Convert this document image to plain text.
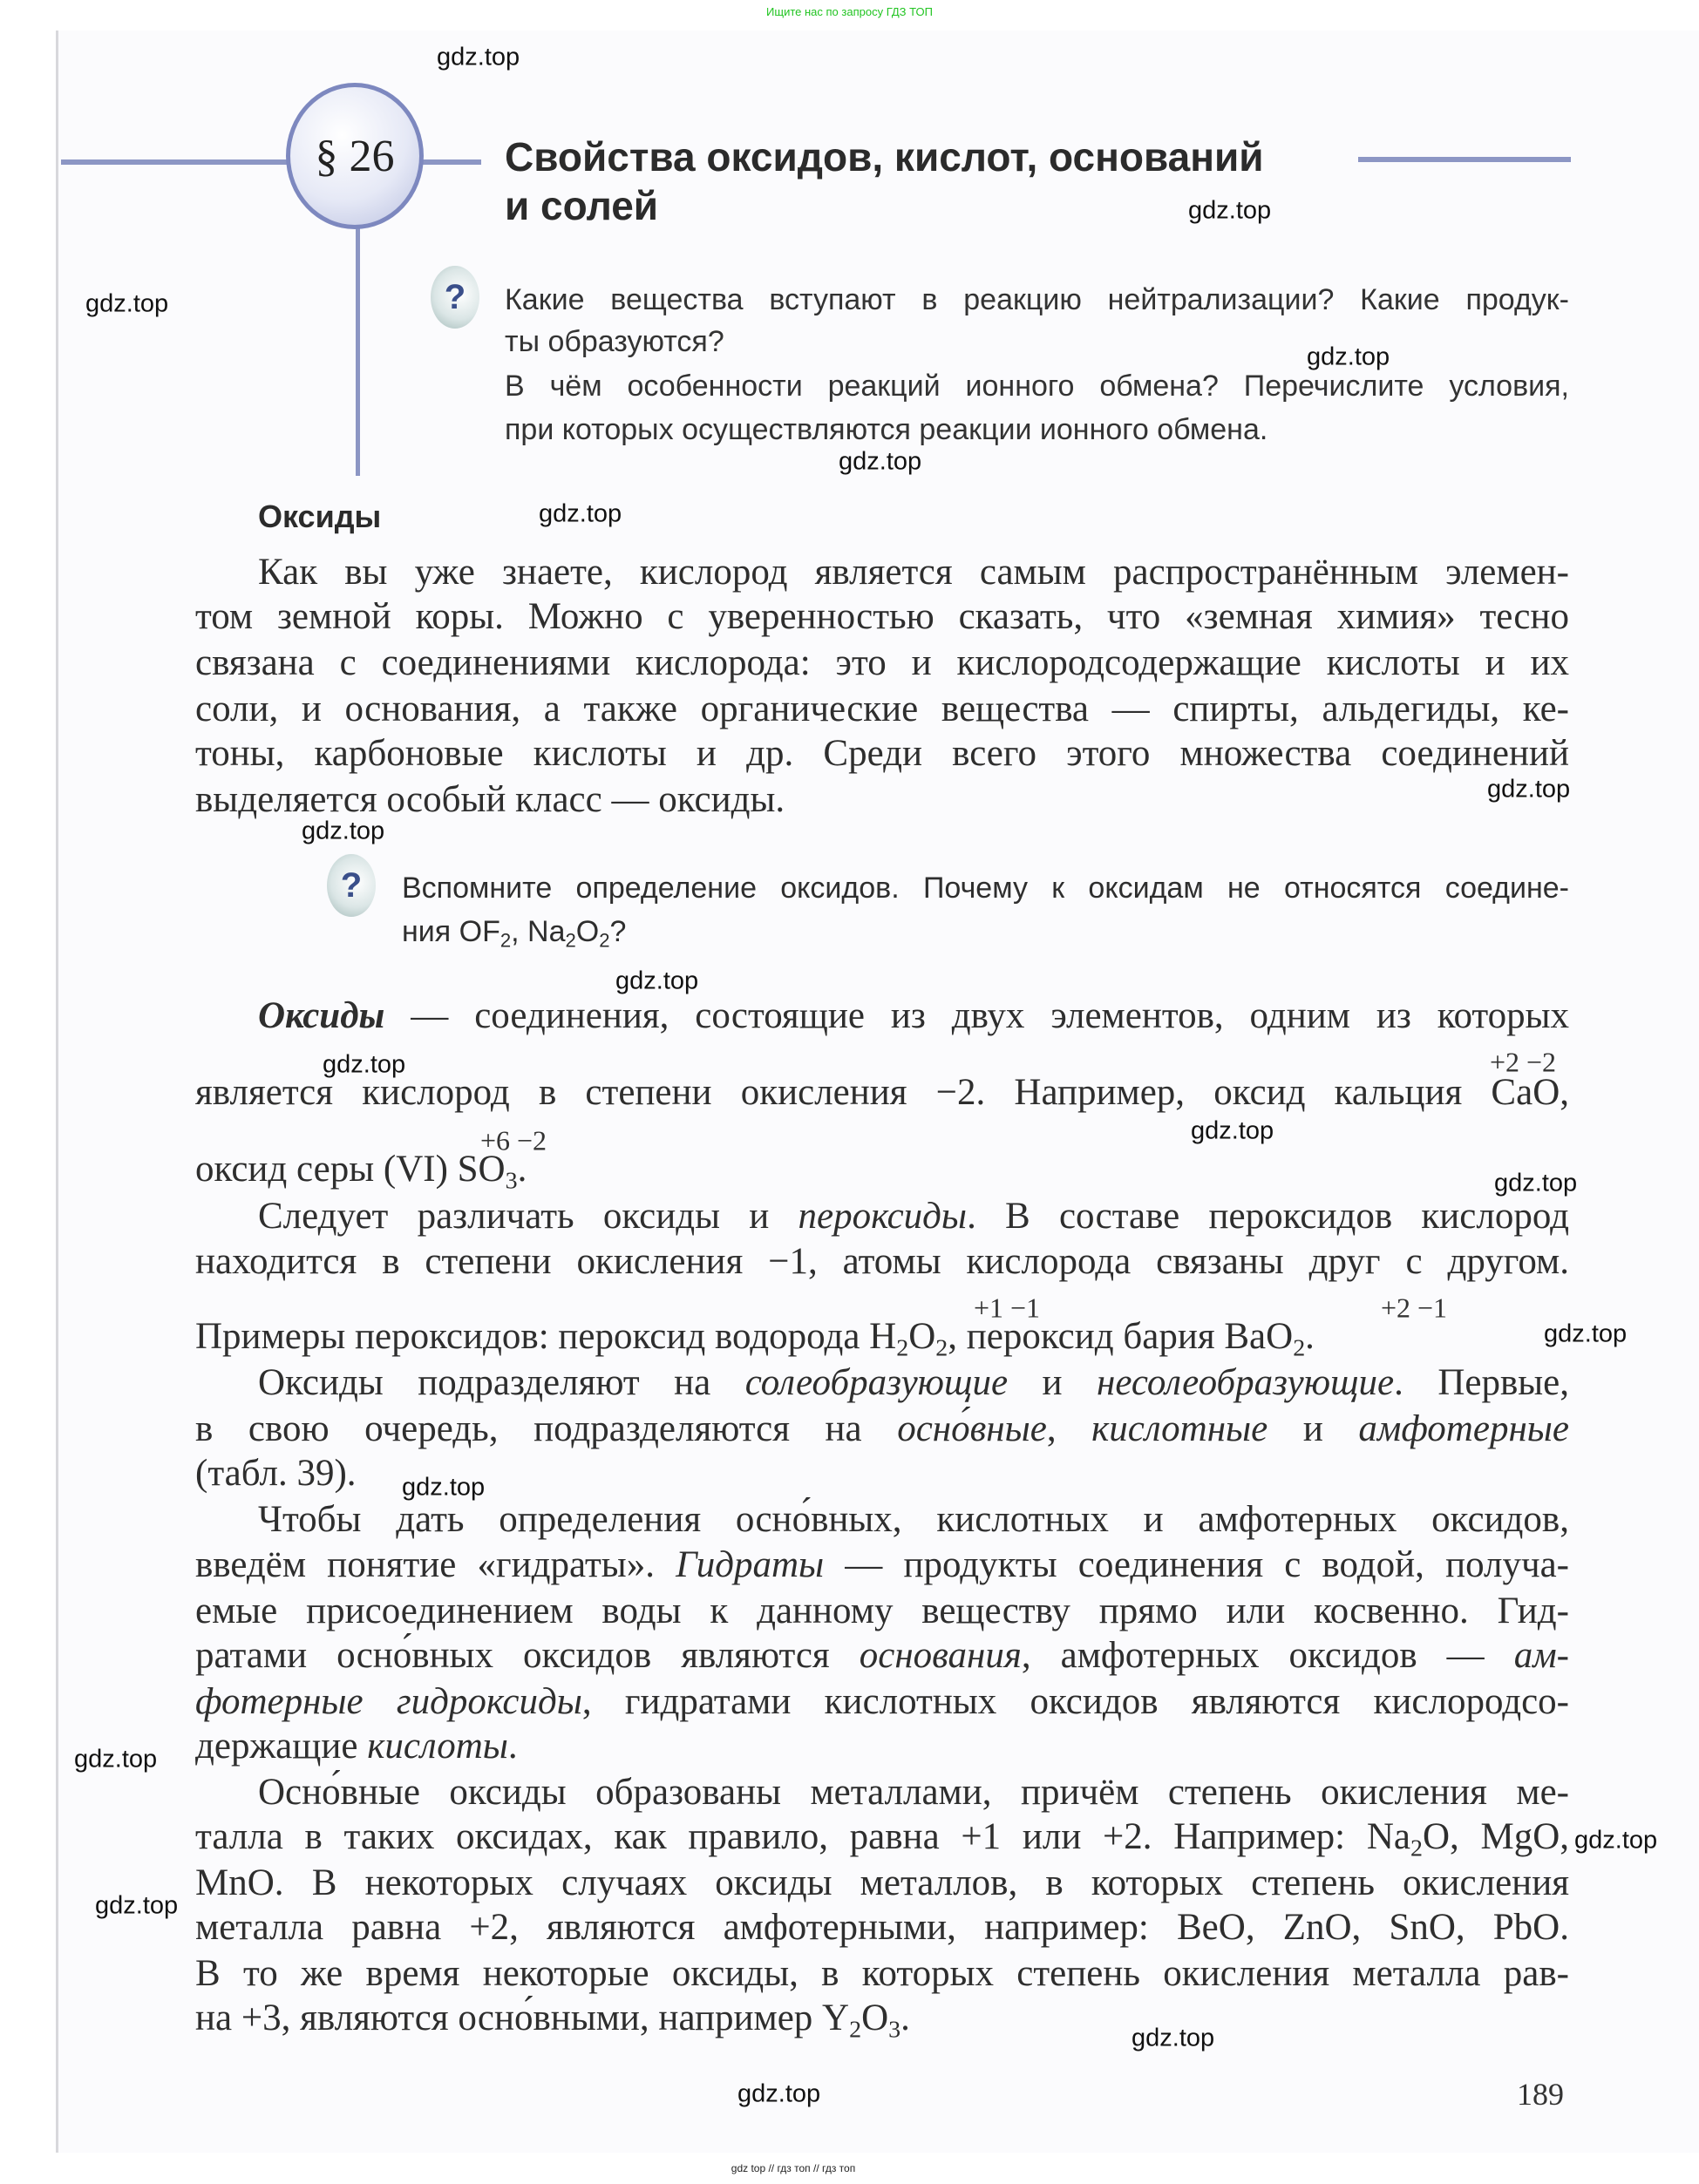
Ищите нас по запросу ГДЗ ТОП
§ 26	Свойства оксидов, кислот, оснований
и солей
?	Какие вещества вступают в реакцию нейтрализации? Какие продук-
ты образуются?
В чём особенности реакций ионного обмена? Перечислите условия,
при которых осуществляются реакции ионного обмена.
Оксиды
?	Вспомните определение оксидов. Почему к оксидам не относятся соедине-
ния $OF_2$, $Na_2O_2$?
Как вы уже знаете, кислород является самым распространённым элемен-
том земной коры. Можно с уверенностью сказать, что «земная химия» тесно
связана с соединениями кислорода: это и кислородсодержащие кислоты и их
соли, и основания, а также органические вещества — спирты, альдегиды, ке-
тоны, карбоновые кислоты и др. Среди всего этого множества соединений
выделяется особый класс — оксиды.
Оксиды — соединения, состоящие из двух элементов, одним из которых
является кислород в степени окисления −2. Например, оксид кальция CaO,
оксид серы (VI) $SO_3$.
Следует различать оксиды и пероксиды. В составе пероксидов кислород
находится в степени окисления −1, атомы кислорода связаны друг с другом.
Примеры пероксидов: пероксид водорода $H_2O_2$, пероксид бария BaO$_2$.
Оксиды подразделяют на солеобразующие и несолеобразующие. Первые,
в свою очередь, подразделяются на осно́вные, кислотные и амфотерные
(табл. 39).
Чтобы дать определения осно́вных, кислотных и амфотерных оксидов,
введём понятие «гидраты». Гидраты — продукты соединения с водой, получа-
емые присоединением воды к данному веществу прямо или косвенно. Гид-
ратами осно́вных оксидов являются основания, амфотерных оксидов — ам-
фотерные гидроксиды, гидратами кислотных оксидов являются кислородсо-
держащие кислоты.
Осно́вные оксиды образованы металлами, причём степень окисления ме-
талла в таких оксидах, как правило, равна +1 или +2. Например: $Na_2O$, MgO,
MnO. В некоторых случаях оксиды металлов, в которых степень окисления
металла равна +2, являются амфотерными, например: BeO, ZnO, SnO, PbO.
В то же время некоторые оксиды, в которых степень окисления металла рав-
на +3, являются осно́вными, например $Y_2O_3$.
+2 −2
+6 −2
+1 −1	+2 −1
189
gdz.top
gdz.top
gdz.top
gdz.top
gdz.top
gdz.top
gdz.top
gdz.top
gdz.top
gdz.top
gdz.top
gdz.top
gdz.top
gdz.top
gdz.top
gdz.top
gdz.top
gdz.top
gdz.top
gdz top // гдз топ // гдз топ
